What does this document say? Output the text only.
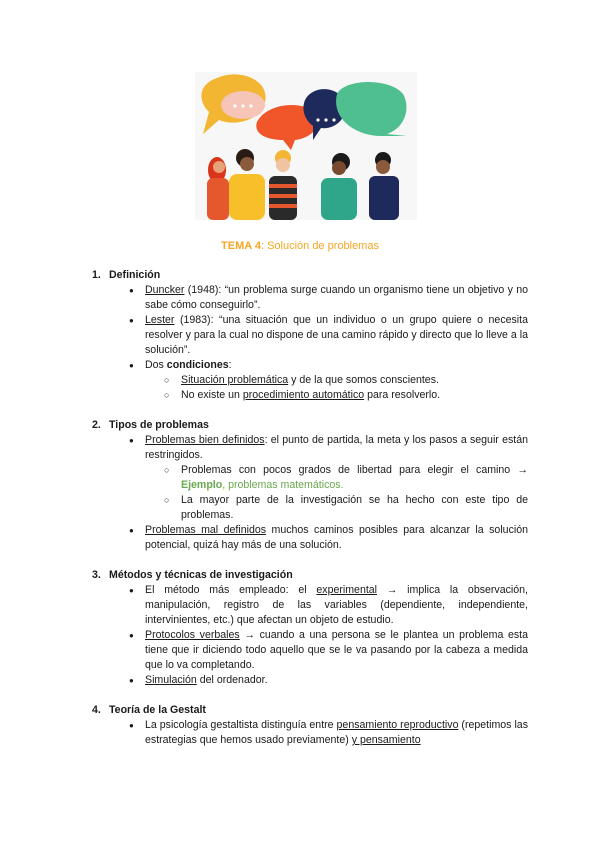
TEMA 4: Solución de problemas
1. Definición
● Duncker (1948): “un problema surge cuando un organismo tiene un objetivo y no sabe cómo conseguirlo”.
● Lester (1983): “una situación que un individuo o un grupo quiere o necesita resolver y para la cual no dispone de una camino rápido y directo que lo lleve a la solución”.
● Dos condiciones:
○ Situación problemática y de la que somos conscientes.
○ No existe un procedimiento automático para resolverlo.
2. Tipos de problemas
● Problemas bien definidos: el punto de partida, la meta y los pasos a seguir están restringidos.
○ Problemas con pocos grados de libertad para elegir el camino → Ejemplo, problemas matemáticos.
○ La mayor parte de la investigación se ha hecho con este tipo de problemas.
● Problemas mal definidos muchos caminos posibles para alcanzar la solución potencial, quizá hay más de una solución.
3. Métodos y técnicas de investigación
● El método más empleado: el experimental → implica la observación, manipulación, registro de las variables (dependiente, independiente, intervinientes, etc.) que afectan un objeto de estudio.
● Protocolos verbales → cuando a una persona se le plantea un problema esta tiene que ir diciendo todo aquello que se le va pasando por la cabeza a medida que lo va completando.
● Simulación del ordenador.
4. Teoría de la Gestalt
● La psicología gestaltista distinguía entre pensamiento reproductivo (repetimos las estrategias que hemos usado previamente) y pensamiento
